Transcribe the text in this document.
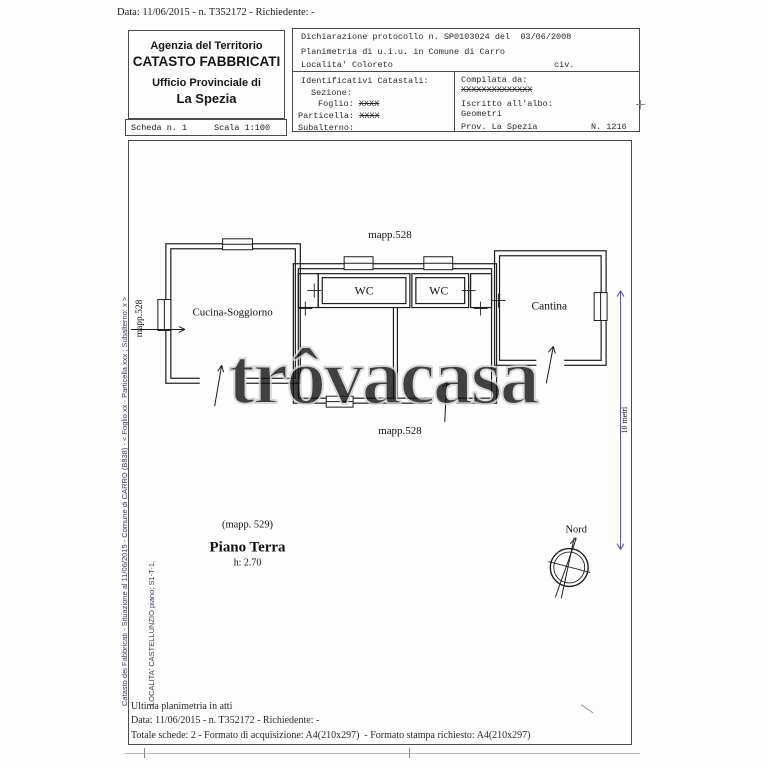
Data: 11/06/2015 - n. T352172 - Richiedente: -
Agenzia del Territorio
CATASTO FABBRICATI
Ufficio Provinciale di
La Spezia
Scheda n. 1	Scala 1:100
Dichiarazione protocollo n. SP0103024 del  03/06/2008
Planimetria di u.i.u. in Comune di Carro
Localita' Coloreto	civ.
Identificativi Catastali:
Sezione:
Foglio: XXXX
Particella: XXXX
Subalterno:
Compilata da:
XXXXXXXXXXXXXX
Iscritto all'albo:
Geometri
Prov. La Spezia	N. 1216
Cucina-Soggiorno
WC	WC
Cantina
mapp.528
mapp.528
mapp.528
(mapp. 529)
Piano Terra
h: 2.70
Nord
10 metri
trôvacasa
Ultima planimetria in atti
Data: 11/06/2015 - n. T352172 - Richiedente: -
Totale schede: 2 - Formato di acquisizione: A4(210x297)  - Formato stampa richiesto: A4(210x297)

Catasto dei Fabbricati - Situazione al 11/06/2015 - Comune di CARRO (B838) - < Foglio xx - Particella xxx ; Subalterno: x >

LOCALITA' CASTELLUNZIO piano: S1-T-1,
